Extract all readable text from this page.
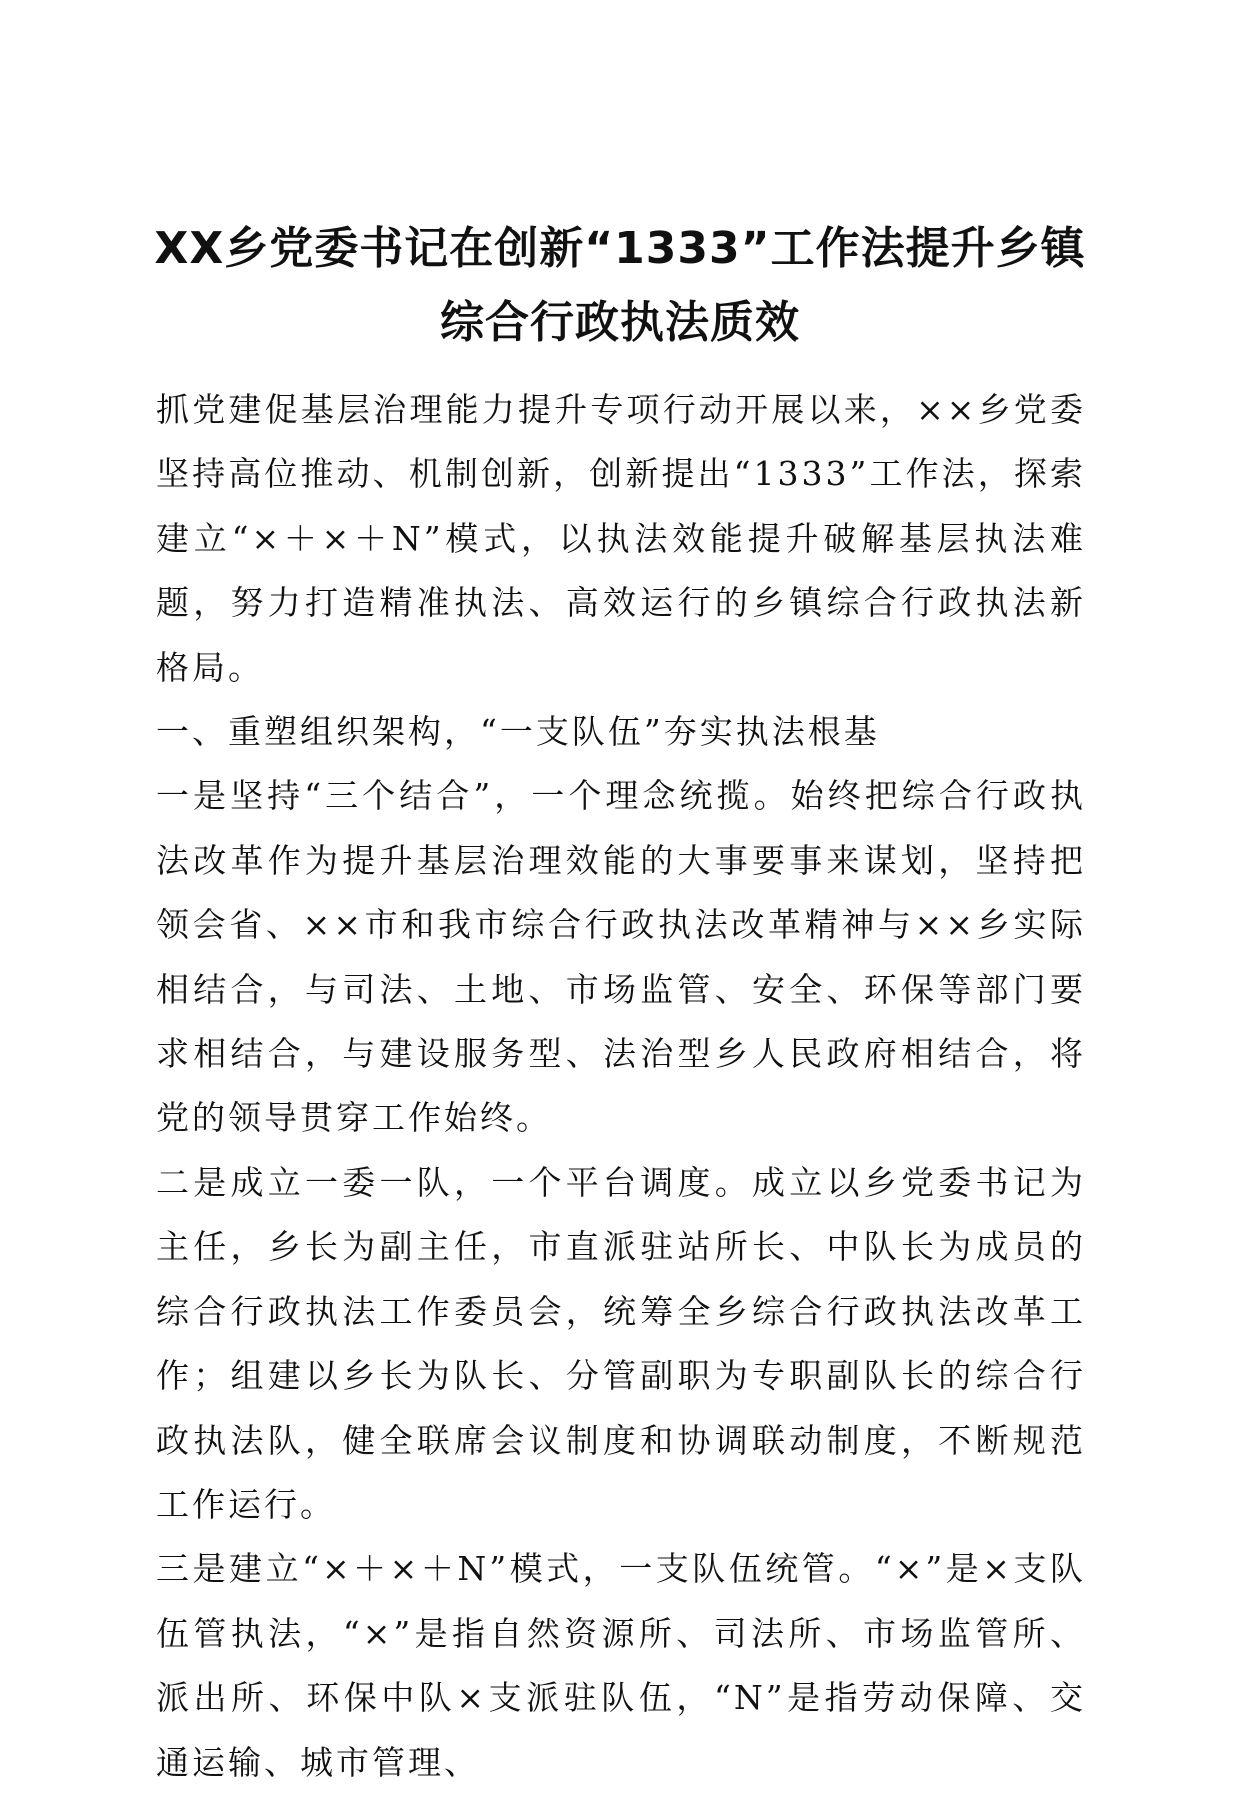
XX乡党委书记在创新“1333”工作法提升乡镇
综合行政执法质效

抓党建促基层治理能力提升专项行动开展以来，××乡党委坚持高位推动、机制创新，创新提出“1333”工作法，探索建立“×＋×＋N”模式，以执法效能提升破解基层执法难题，努力打造精准执法、高效运行的乡镇综合行政执法新格局。

一、重塑组织架构，“一支队伍”夯实执法根基

一是坚持“三个结合”，一个理念统揽。始终把综合行政执法改革作为提升基层治理效能的大事要事来谋划，坚持把领会省、××市和我市综合行政执法改革精神与××乡实际相结合，与司法、土地、市场监管、安全、环保等部门要求相结合，与建设服务型、法治型乡人民政府相结合，将党的领导贯穿工作始终。

二是成立一委一队，一个平台调度。成立以乡党委书记为主任，乡长为副主任，市直派驻站所长、中队长为成员的综合行政执法工作委员会，统筹全乡综合行政执法改革工作；组建以乡长为队长、分管副职为专职副队长的综合行政执法队，健全联席会议制度和协调联动制度，不断规范工作运行。

三是建立“×＋×＋N”模式，一支队伍统管。“×”是×支队伍管执法，“×”是指自然资源所、司法所、市场监管所、派出所、环保中队×支派驻队伍，“N”是指劳动保障、交通运输、城市管理、
